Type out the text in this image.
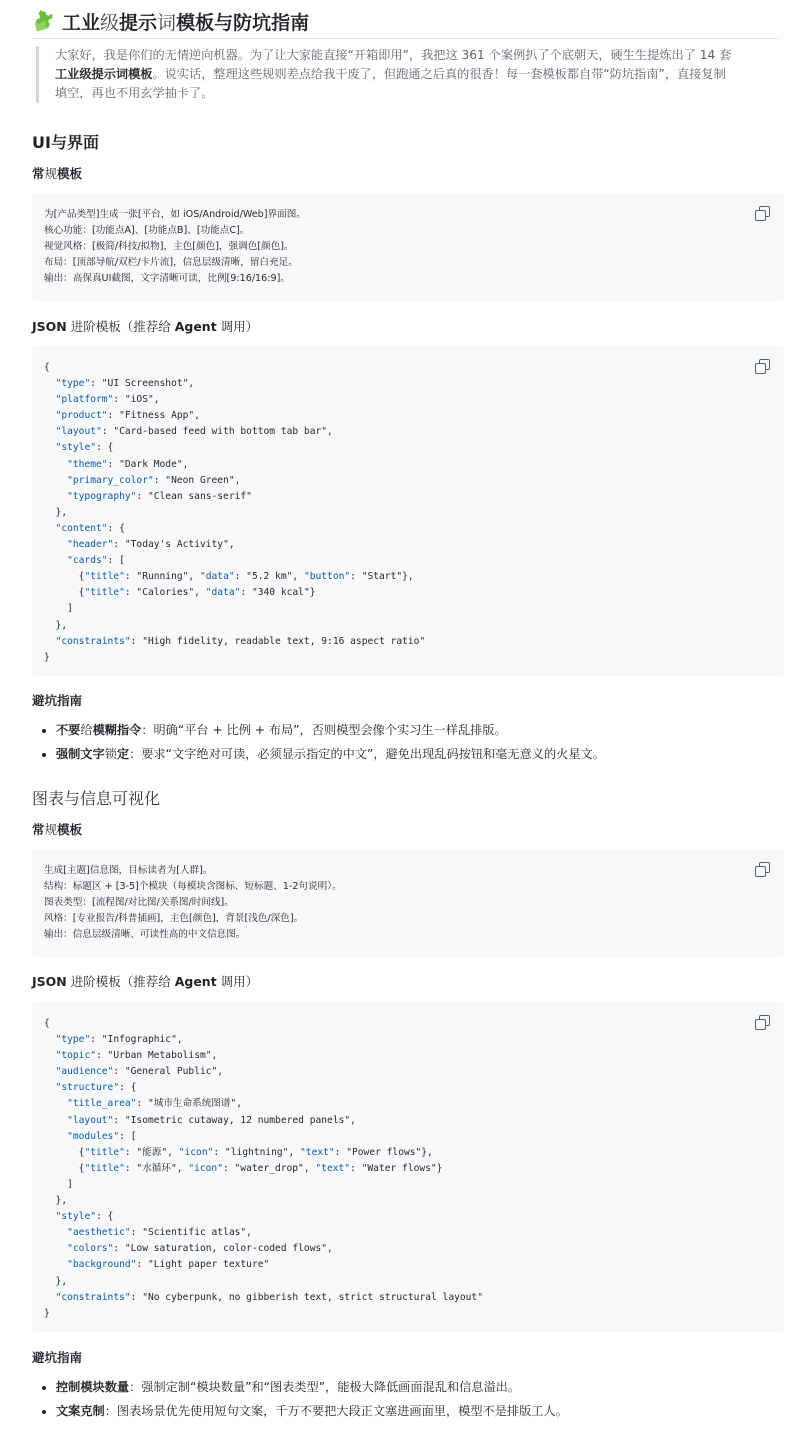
工业级提示词模板与防坑指南
大家好，我是你们的无情逆向机器。为了让大家能直接“开箱即用”，我把这 361 个案例扒了个底朝天，硬生生提炼出了 14 套
工业级提示词模板。说实话，整理这些规则差点给我干废了，但跑通之后真的很香！每一套模板都自带“防坑指南”，直接复制
填空，再也不用玄学抽卡了。
UI与界面
常规模板
为[产品类型]生成一张[平台，如 iOS/Android/Web]界面图。
核心功能：[功能点A]、[功能点B]、[功能点C]。
视觉风格：[极简/科技/拟物]，主色[颜色]，强调色[颜色]。
布局：[顶部导航/双栏/卡片流]，信息层级清晰，留白充足。
输出：高保真UI截图，文字清晰可读，比例[9:16/16:9]。
JSON 进阶模板（推荐给 Agent 调用）
{
"type": "UI Screenshot",
"platform": "iOS",
"product": "Fitness App",
"layout": "Card-based feed with bottom tab bar",
"style": {
"theme": "Dark Mode",
"primary_color": "Neon Green",
"typography": "Clean sans-serif"
},
"content": {
"header": "Today's Activity",
"cards": [
{"title": "Running", "data": "5.2 km", "button": "Start"},
{"title": "Calories", "data": "340 kcal"}
]
},
"constraints": "High fidelity, readable text, 9:16 aspect ratio"
}
避坑指南
• 不要给模糊指令：明确“平台 + 比例 + 布局”，否则模型会像个实习生一样乱排版。
• 强制文字锁定：要求“文字绝对可读，必须显示指定的中文”，避免出现乱码按钮和毫无意义的火星文。
图表与信息可视化
常规模板
生成[主题]信息图，目标读者为[人群]。
结构：标题区 + [3-5]个模块（每模块含图标、短标题、1-2句说明）。
图表类型：[流程图/对比图/关系图/时间线]。
风格：[专业报告/科普插画]，主色[颜色]，背景[浅色/深色]。
输出：信息层级清晰、可读性高的中文信息图。
JSON 进阶模板（推荐给 Agent 调用）
{
"type": "Infographic",
"topic": "Urban Metabolism",
"audience": "General Public",
"structure": {
"title_area": "城市生命系统图谱",
"layout": "Isometric cutaway, 12 numbered panels",
"modules": [
{"title": "能源", "icon": "lightning", "text": "Power flows"},
{"title": "水循环", "icon": "water_drop", "text": "Water flows"}
]
},
"style": {
"aesthetic": "Scientific atlas",
"colors": "Low saturation, color-coded flows",
"background": "Light paper texture"
},
"constraints": "No cyberpunk, no gibberish text, strict structural layout"
}
避坑指南
• 控制模块数量：强制定制“模块数量”和“图表类型”，能极大降低画面混乱和信息溢出。
• 文案克制：图表场景优先使用短句文案，千万不要把大段正文塞进画面里，模型不是排版工人。
